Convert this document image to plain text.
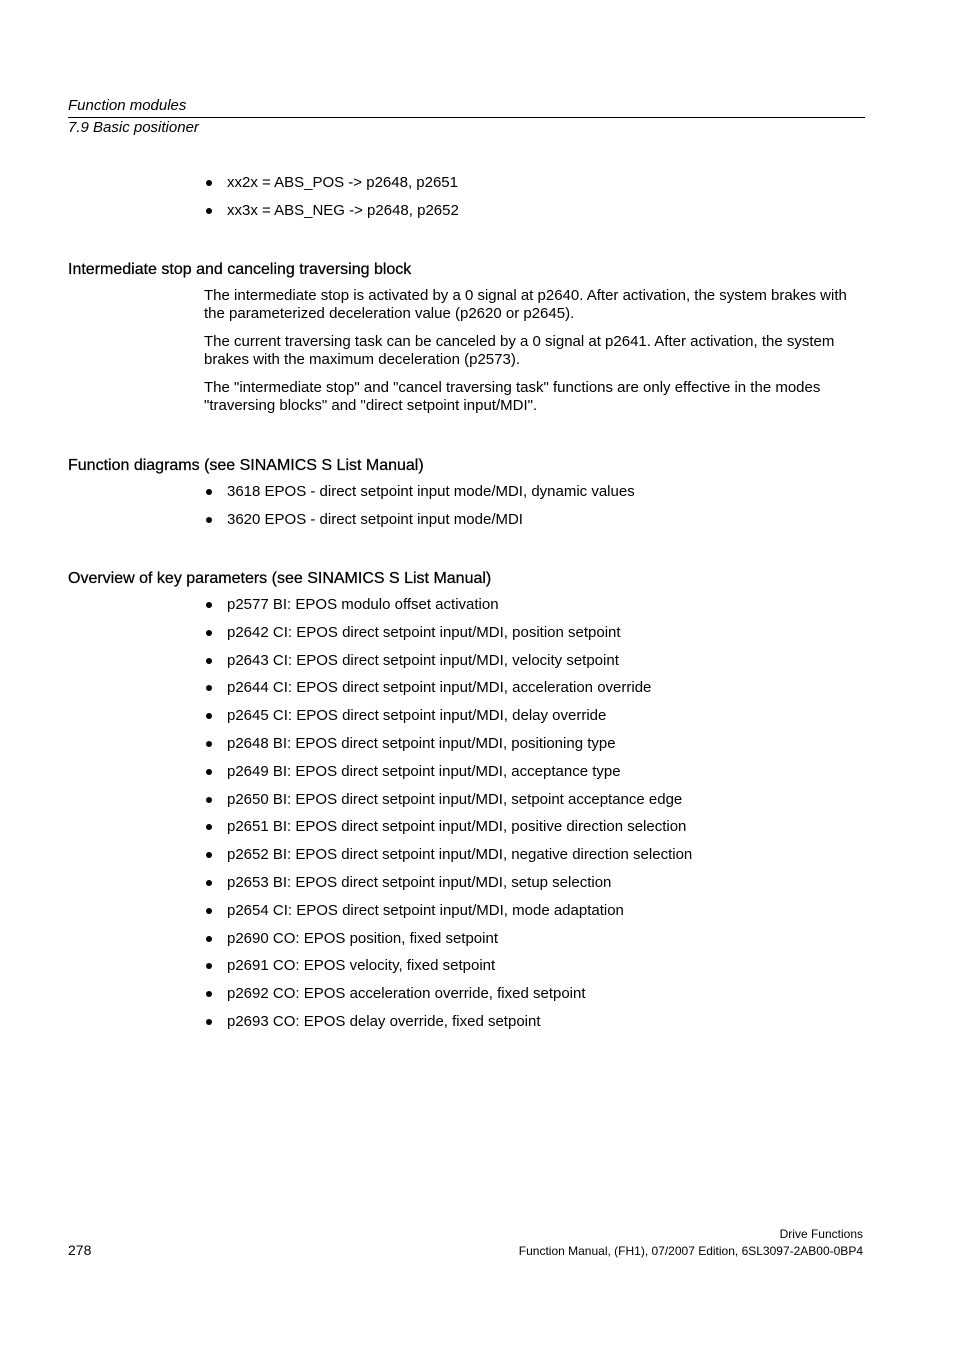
Function modules
7.9 Basic positioner
xx2x = ABS_POS -> p2648, p2651
xx3x = ABS_NEG -> p2648, p2652
Intermediate stop and canceling traversing block

The intermediate stop is activated by a 0 signal at p2640. After activation, the system brakes with the parameterized deceleration value (p2620 or p2645).

The current traversing task can be canceled by a 0 signal at p2641. After activation, the system brakes with the maximum deceleration (p2573).

The "intermediate stop" and "cancel traversing task" functions are only effective in the modes "traversing blocks" and "direct setpoint input/MDI".

Function diagrams (see SINAMICS S List Manual)
3618 EPOS - direct setpoint input mode/MDI, dynamic values
3620 EPOS - direct setpoint input mode/MDI
Overview of key parameters (see SINAMICS S List Manual)
p2577 BI: EPOS modulo offset activation
p2642 CI: EPOS direct setpoint input/MDI, position setpoint
p2643 CI: EPOS direct setpoint input/MDI, velocity setpoint
p2644 CI: EPOS direct setpoint input/MDI, acceleration override
p2645 CI: EPOS direct setpoint input/MDI, delay override
p2648 BI: EPOS direct setpoint input/MDI, positioning type
p2649 BI: EPOS direct setpoint input/MDI, acceptance type
p2650 BI: EPOS direct setpoint input/MDI, setpoint acceptance edge
p2651 BI: EPOS direct setpoint input/MDI, positive direction selection
p2652 BI: EPOS direct setpoint input/MDI, negative direction selection
p2653 BI: EPOS direct setpoint input/MDI, setup selection
p2654 CI: EPOS direct setpoint input/MDI, mode adaptation
p2690 CO: EPOS position, fixed setpoint
p2691 CO: EPOS velocity, fixed setpoint
p2692 CO: EPOS acceleration override, fixed setpoint
p2693 CO: EPOS delay override, fixed setpoint
278
Drive Functions
Function Manual, (FH1), 07/2007 Edition, 6SL3097-2AB00-0BP4
